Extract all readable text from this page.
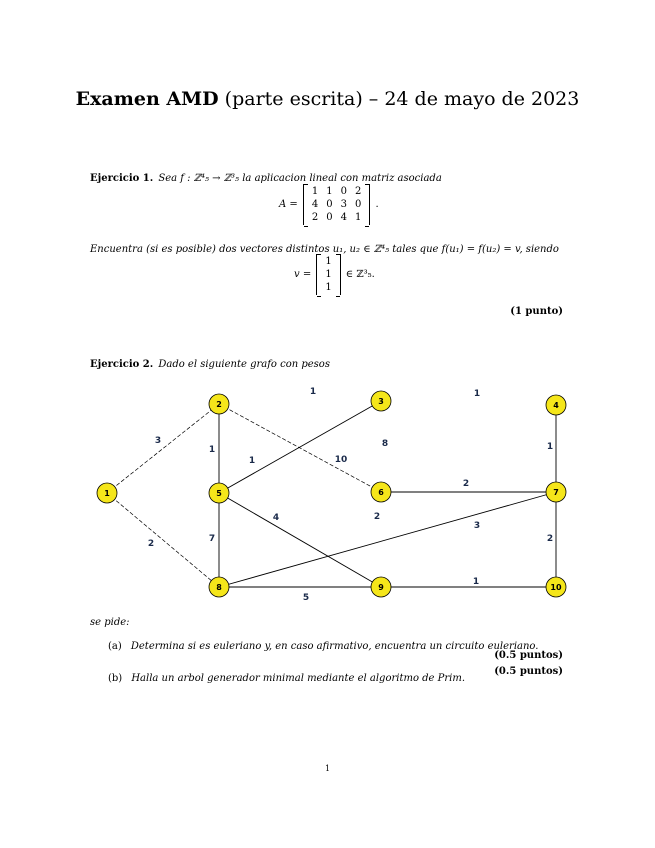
Examen AMD (parte escrita) – 24 de mayo de 2023
Ejercicio 1. Sea f : ℤ⁴₅ → ℤ³₅ la aplicacion lineal con matriz asociada
A =
1	1	0	2
4	0	3	0
2	0	4	1
.
Encuentra (si es posible) dos vectores distintos u₁, u₂ ∈ ℤ⁴₅ tales que f(u₁) = f(u₂) = v, siendo
v =
1
1
1
∈ ℤ³₅.
(1 punto)
Ejercicio 2. Dado el siguiente grafo con pesos
3
1
1
10
1
8
1
1
2
2
4
7
2
3
2
5
1
1
2	3	4
5	6	7
8	9	10
se pide:
(a) Determina si es euleriano y, en caso afirmativo, encuentra un circuito euleriano.
(0.5 puntos)
(b) Halla un arbol generador minimal mediante el algoritmo de Prim.
(0.5 puntos)
1
